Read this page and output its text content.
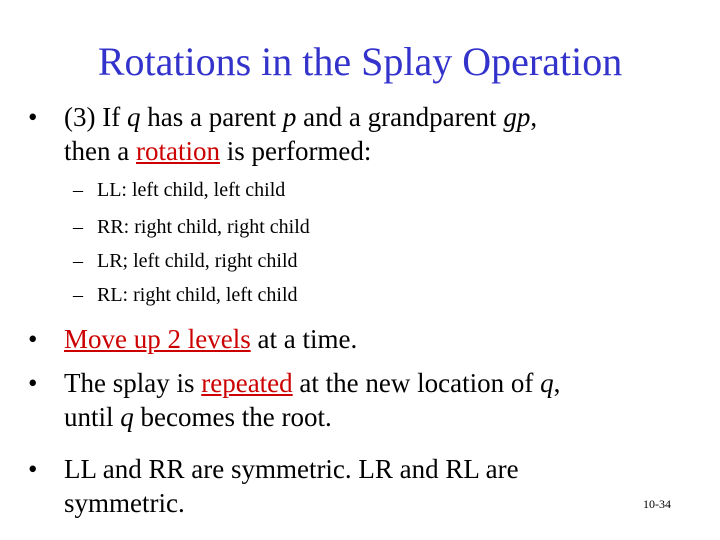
Rotations in the Splay Operation
• (3) If q has a parent p and a grandparent gp,
then a rotation is performed:
– LL: left child, left child
– RR: right child, right child
– LR; left child, right child
– RL: right child, left child
• Move up 2 levels at a time.
• The splay is repeated at the new location of q,
until q becomes the root.
• LL and RR are symmetric. LR and RL are
symmetric.	10-34
